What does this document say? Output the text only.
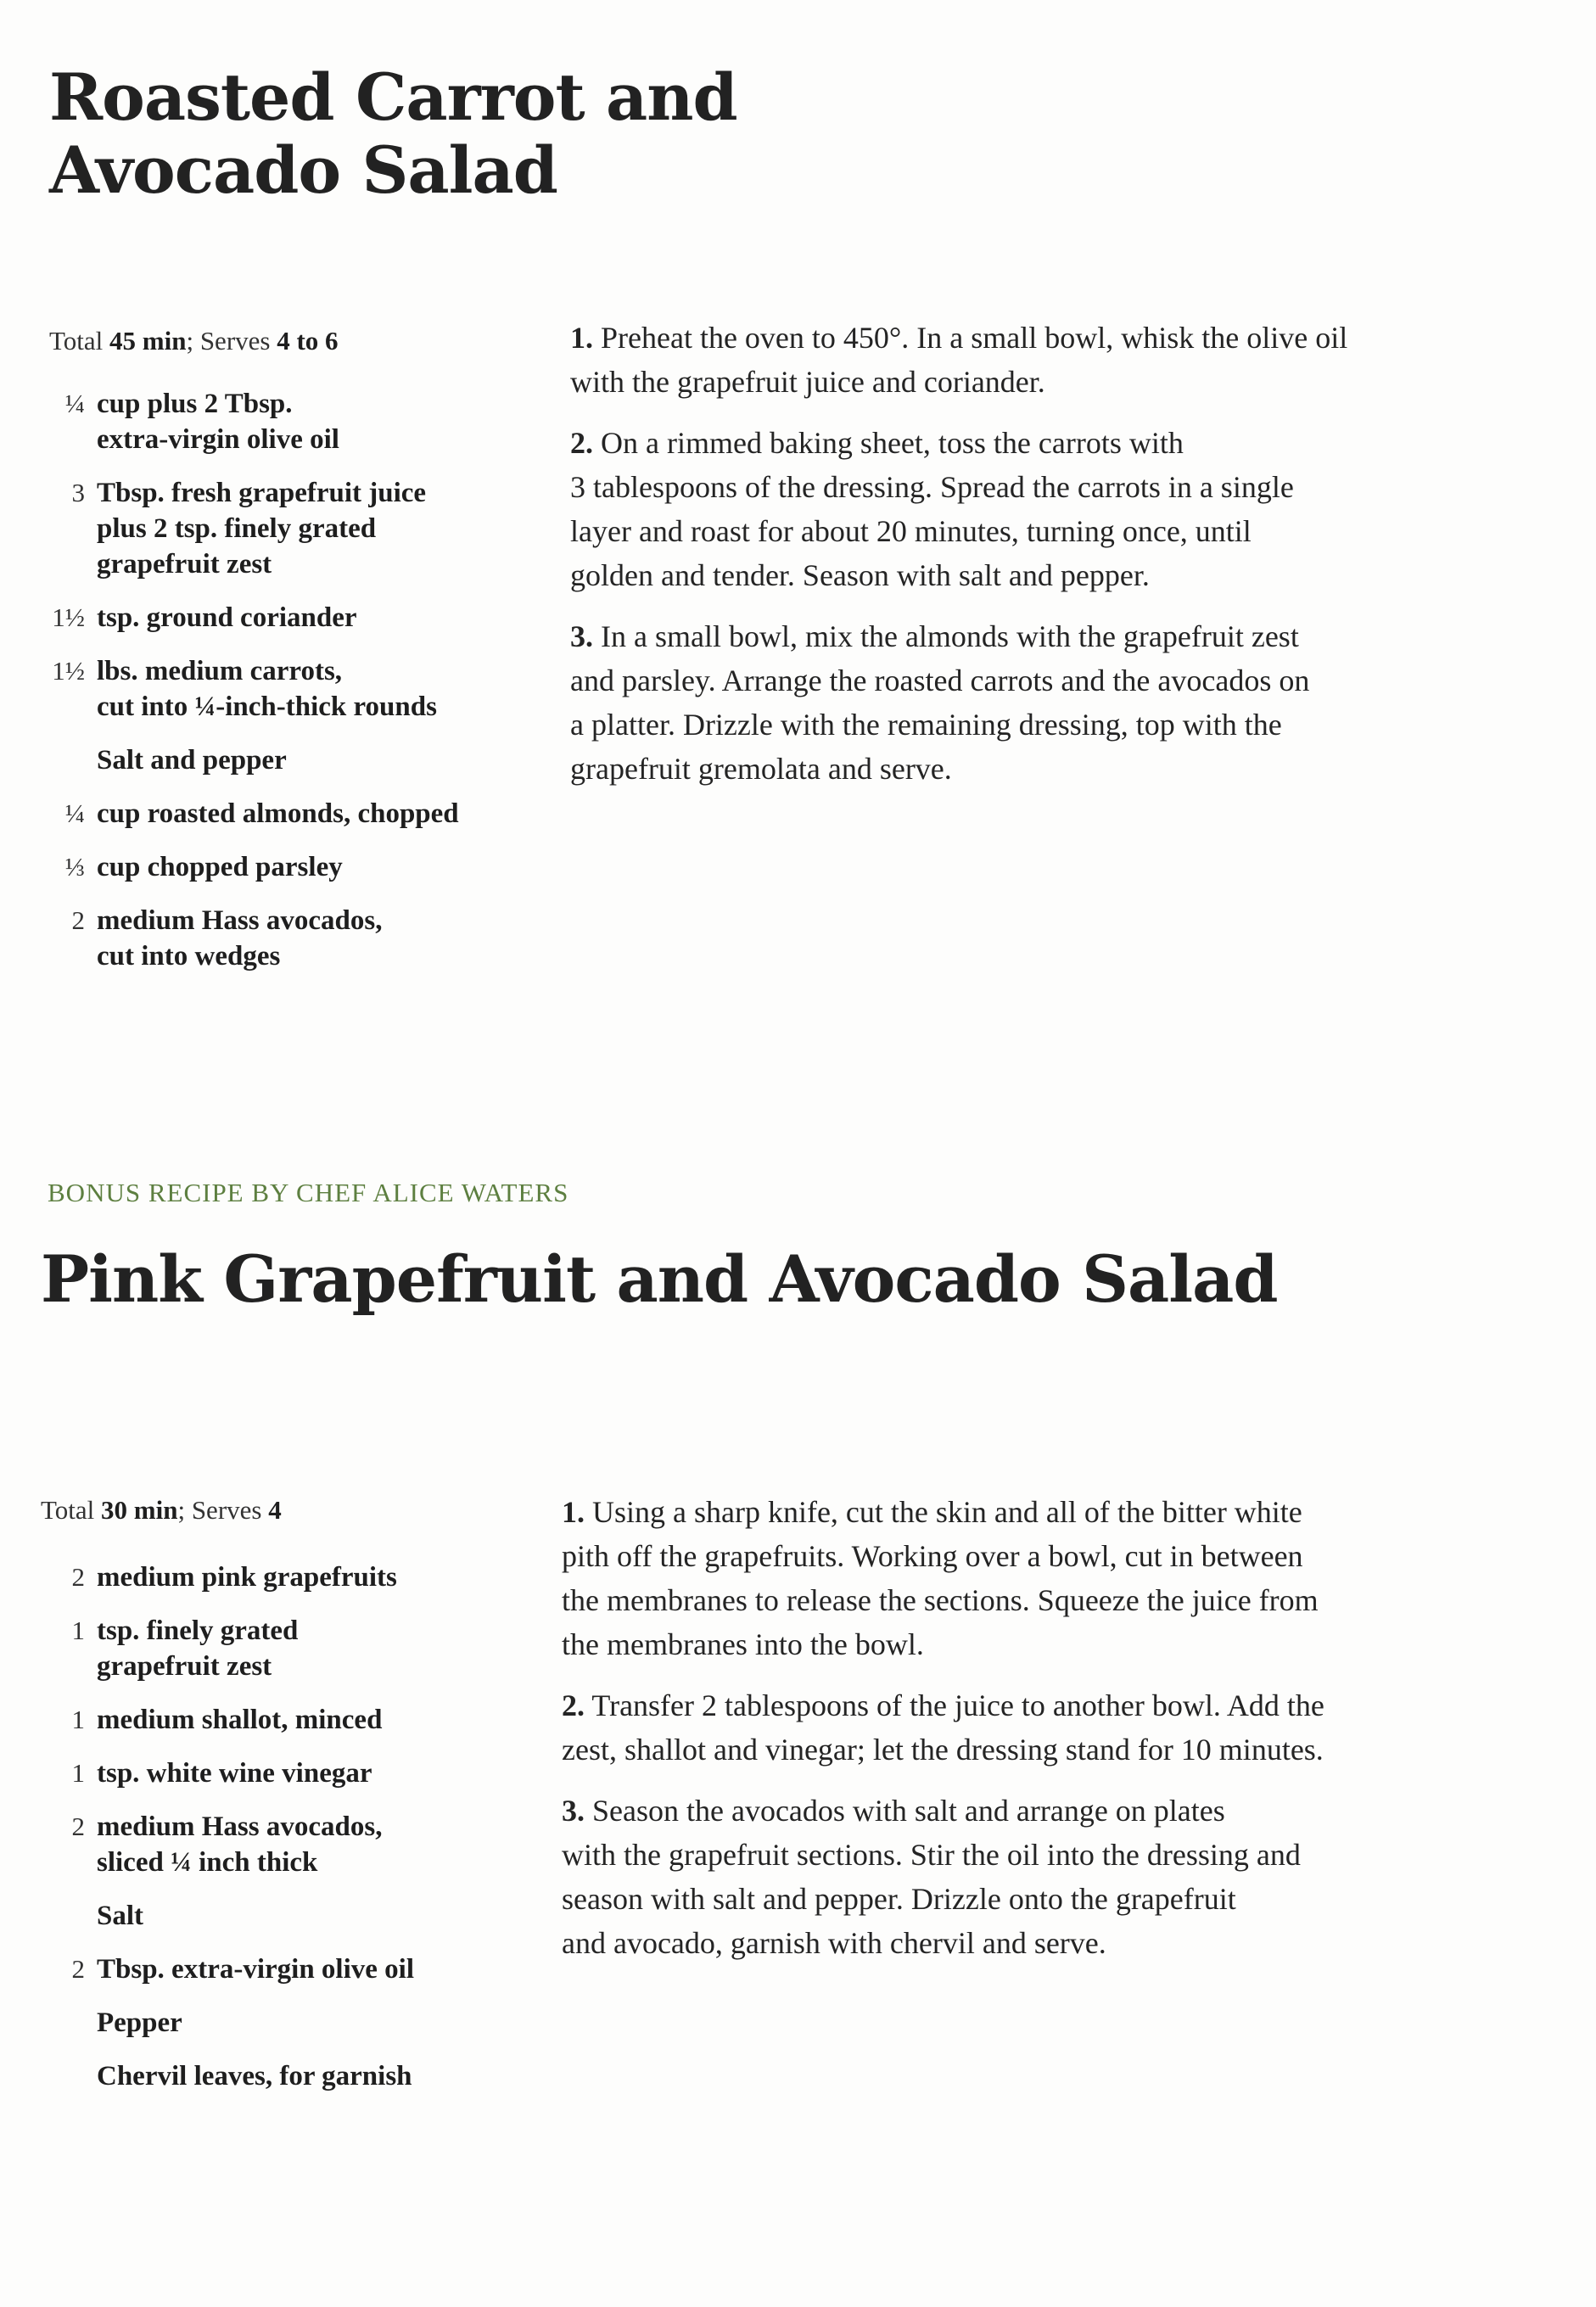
Roasted Carrot and
Avocado Salad
Total 45 min; Serves 4 to 6
¼ cup plus 2 Tbsp.
extra-virgin olive oil
3 Tbsp. fresh grapefruit juice
plus 2 tsp. finely grated
grapefruit zest
1½ tsp. ground coriander
1½ lbs. medium carrots,
cut into ¼-inch-thick rounds
Salt and pepper
¼ cup roasted almonds, chopped
⅓ cup chopped parsley
2 medium Hass avocados,
cut into wedges

1. Preheat the oven to 450°. In a small bowl, whisk the olive oil
with the grapefruit juice and coriander.

2. On a rimmed baking sheet, toss the carrots with
3 tablespoons of the dressing. Spread the carrots in a single
layer and roast for about 20 minutes, turning once, until
golden and tender. Season with salt and pepper.

3. In a small bowl, mix the almonds with the grapefruit zest
and parsley. Arrange the roasted carrots and the avocados on
a platter. Drizzle with the remaining dressing, top with the
grapefruit gremolata and serve.

BONUS RECIPE BY CHEF ALICE WATERS
Pink Grapefruit and Avocado Salad
Total 30 min; Serves 4
2 medium pink grapefruits
1 tsp. finely grated
grapefruit zest
1 medium shallot, minced
1 tsp. white wine vinegar
2 medium Hass avocados,
sliced ¼ inch thick
Salt
2 Tbsp. extra-virgin olive oil
Pepper
Chervil leaves, for garnish

1. Using a sharp knife, cut the skin and all of the bitter white
pith off the grapefruits. Working over a bowl, cut in between
the membranes to release the sections. Squeeze the juice from
the membranes into the bowl.

2. Transfer 2 tablespoons of the juice to another bowl. Add the
zest, shallot and vinegar; let the dressing stand for 10 minutes.

3. Season the avocados with salt and arrange on plates
with the grapefruit sections. Stir the oil into the dressing and
season with salt and pepper. Drizzle onto the grapefruit
and avocado, garnish with chervil and serve.
